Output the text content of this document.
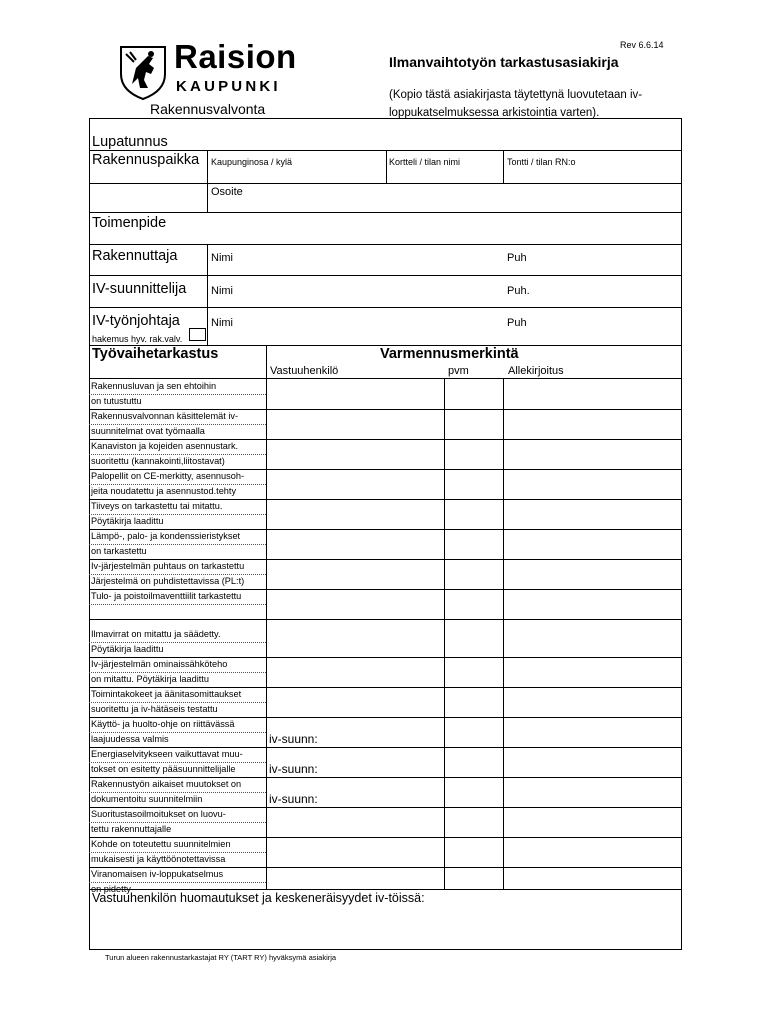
Rev 6.6.14
Raision
KAUPUNKI
Rakennusvalvonta
Ilmanvaihtotyön tarkastusasiakirja
(Kopio tästä asiakirjasta täytettynä luovutetaan iv-
loppukatselmuksessa arkistointia varten).
Lupatunnus
Rakennuspaikka Kaupunginosa / kylä	Kortteli / tilan nimi	Tontti / tilan RN:o
Osoite
Toimenpide
Rakennuttaja	Nimi	Puh
IV-suunnittelija Nimi	Puh.
IV-työnjohtaja	Nimi	Puh
hakemus hyv. rak.valv.
Työvaihetarkastus	Varmennusmerkintä
Vastuuhenkilö	pvm	Allekirjoitus
Rakennusluvan ja sen ehtoihin
on tutustuttu
Rakennusvalvonnan käsittelemät iv-
suunnitelmat ovat työmaalla
Kanaviston ja kojeiden asennustark.
suoritettu (kannakointi,liitostavat)
Palopellit on CE-merkitty, asennusoh-
jeita noudatettu ja asennustod.tehty
Tiiveys on tarkastettu tai mitattu.
Pöytäkirja laadittu
Lämpö-, palo- ja kondenssieristykset
on tarkastettu
Iv-järjestelmän puhtaus on tarkastettu
Järjestelmä on puhdistettavissa (PL:t)
Tulo- ja poistoilmaventtiilit tarkastettu
Ilmavirrat on mitattu ja säädetty.
Pöytäkirja laadittu
Iv-järjestelmän ominaissähköteho
on mitattu. Pöytäkirja laadittu
Toimintakokeet ja äänitasomittaukset
suoritettu ja iv-hätäseis testattu
Käyttö- ja huolto-ohje on riittävässä
laajuudessa valmis	iv-suunn:
Energiaselvitykseen vaikuttavat muu-
tokset on esitetty pääsuunnittelijalle	iv-suunn:
Rakennustyön aikaiset muutokset on
dokumentoitu suunnitelmiin	iv-suunn:
Suoritustasoilmoitukset on luovu-
tettu rakennuttajalle
Kohde on toteutettu suunnitelmien
mukaisesti ja käyttöönotettavissa
Viranomaisen iv-loppukatselmus
on pidetty
Vastuuhenkilön huomautukset ja keskeneräisyydet iv-töissä:
Turun alueen rakennustarkastajat RY (TART RY) hyväksymä asiakirja
